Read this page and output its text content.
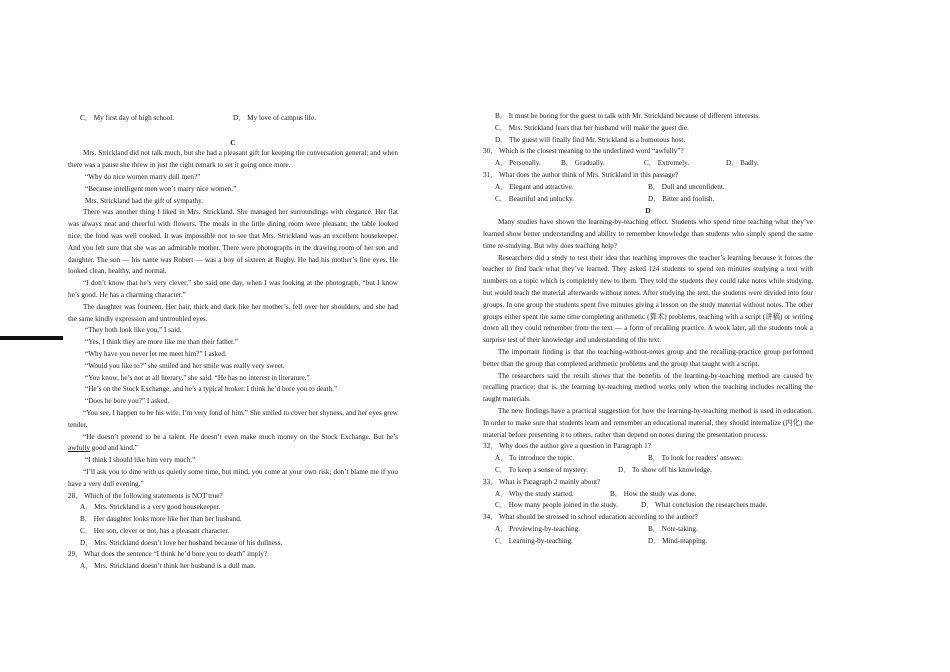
C． My first day of high school.	D． My love of campus life.

C

Mrs. Strickland did not talk much, but she had a pleasant gift for keeping the conversation general; and when there was a pause she threw in just the right remark to set it going once more.

“Why do nice women marry dull men?”

“Because intelligent men won’t marry nice women.”

Mrs. Strickland had the gift of sympathy.

There was another thing I liked in Mrs. Strickland. She managed her surroundings with elegance. Her flat was always neat and cheerful with flowers. The meals in the little dining room were pleasant; the table looked nice; the food was well cooked. It was impossible not to see that Mrs. Strickland was an excellent housekeeper. And you felt sure that she was an admirable mother. There were photographs in the drawing room of her son and daughter. The son — his name was Robert — was a boy of sixteen at Rugby. He had his mother’s fine eyes. He looked clean, healthy, and normal.

“I don’t know that he’s very clever,” she said one day, when I was looking at the photograph, “but I know he’s good. He has a charming character.”

The daughter was fourteen. Her hair, thick and dark like her mother’s, fell over her shoulders, and she had the same kindly expression and untroubled eyes.

“They both look like you,” I said.

“Yes, I think they are more like me than their father.”

“Why have you never let me meet him?” I asked.

“Would you like to?” she smiled and her smile was really very sweet.

“You know, he’s not at all literary,” she said. “He has no interest in literature.”

“He’s on the Stock Exchange, and he’s a typical broker. I think he’d bore you to death.”

“Does he bore you?” I asked.

“You see, I happen to be his wife. I’m very fond of him.” She smiled to cover her shyness, and her eyes grew tender.

“He doesn’t pretend to be a talent. He doesn’t even make much money on the Stock Exchange. But he’s awfully good and kind.”

“I think I should like him very much.”

“I’ll ask you to dine with us quietly some time, but mind, you come at your own risk; don’t blame me if you have a very dull evening.”

28． Which of the following statements is NOT true?

A． Mrs. Strickland is a very good housekeeper.

B． Her daughter looks more like her than her husband.

C． Her son, clever or not, has a pleasant character.

D． Mrs. Strickland doesn’t love her husband because of his dullness.

29． What does the sentence “I think he’d bore you to death” imply?

A． Mrs. Strickland doesn’t think her husband is a dull man.

B． It must be boring for the guest to talk with Mr. Strickland because of different interests.

C． Mrs. Strickland fears that her husband will make the guest die.

D． The guest will finally find Mr. Strickland is a humorous host.

30． Which is the closest meaning to the underlined word “awfully”?

A． Personally.	B． Gradually.	C． Extremely.	D． Badly.

31． What does the author think of Mrs. Strickland in this passage?

A． Elegant and attractive.	B． Dull and unconfident.
C． Beautiful and unlucky.	D． Bitter and foolish.

D

Many studies have shown the learning-by-teaching effect. Students who spend time teaching what they’ve learned show better understanding and ability to remember knowledge than students who simply spend the same time re-studying. But why does teaching help?

Researchers did a study to test their idea that teaching improves the teacher’s learning because it forces the teacher to find back what they’ve learned. They asked 124 students to spend ten minutes studying a text with numbers on a topic which is completely new to them. They told the students they could take notes while studying, but would teach the material afterwards without notes. After studying the text, the students were divided into four groups. In one group the students spent five minutes giving a lesson on the study material without notes. The other groups either spent the same time completing arithmetic (算术) problems, teaching with a script (讲稿) or writing down all they could remember from the text — a form of recalling practice. A week later, all the students took a surprise test of their knowledge and understanding of the text.

The important finding is that the teaching-without-notes group and the recalling-practice group performed better than the group that completed arithmetic problems and the group that taught with a script.

The researchers said the result shows that the benefits of the learning-by-teaching method are caused by recalling practice; that is, the learning by-teaching method works only when the teaching includes recalling the taught materials.

The new findings have a practical suggestion for how the learning-by-teaching method is used in education. In order to make sure that students learn and remember an educational material, they should internalize (内化) the material before presenting it to others, rather than depend on notes during the presentation process.

32． Why does the author give a question in Paragraph 1?

A． To introduce the topic.	B． To look for readers’ answer.
C． To keep a sense of mystery.	D． To show off his knowledge.

33． What is Paragraph 2 mainly about?

A． Why the study started.	B． How the study was done.
C． How many people joined in the study.	D． What conclusion the researchers made.

34． What should be stressed in school education according to the author?

A． Previewing-by-teaching.	B． Note-taking.
C． Learning-by-teaching.	D． Mind-mapping.
